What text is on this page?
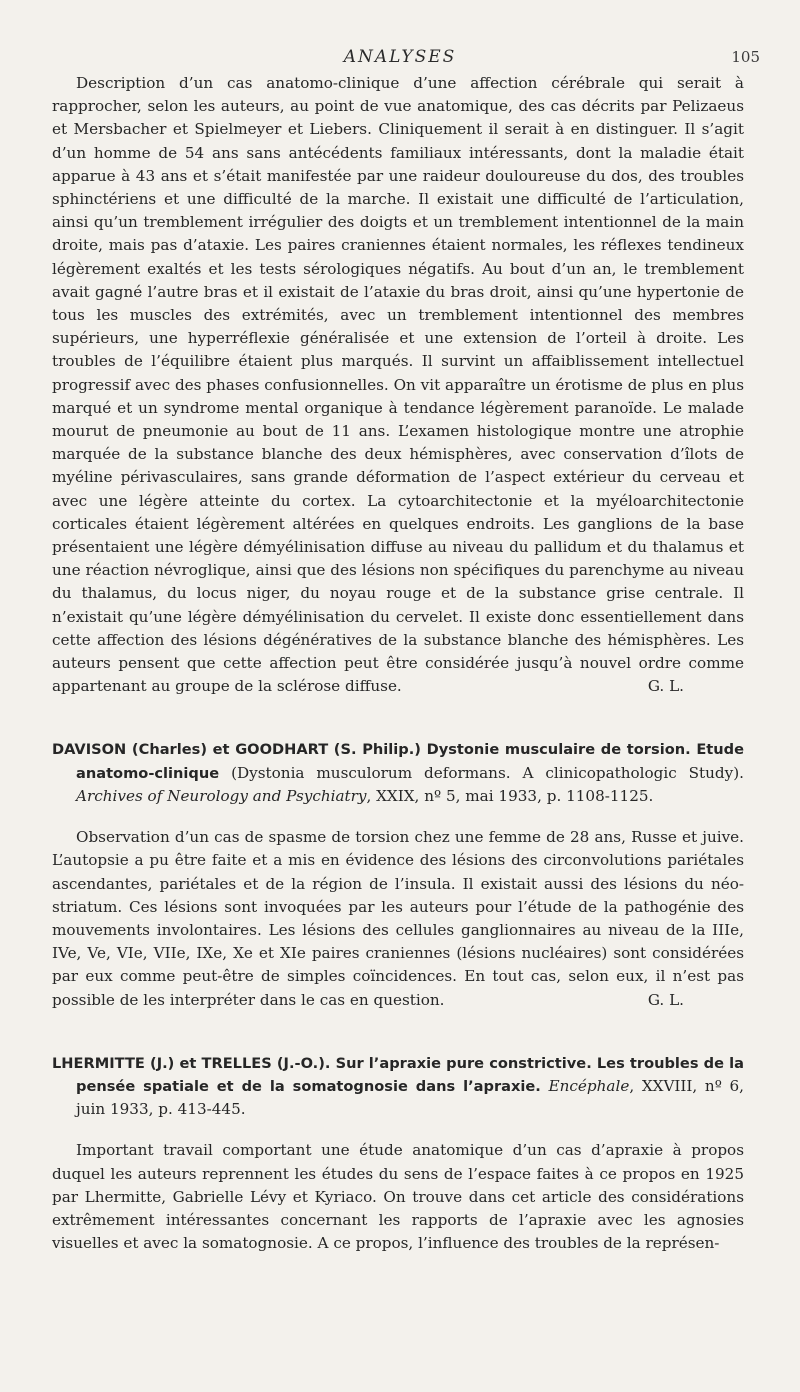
ANALYSES	105

Description d’un cas anatomo-clinique d’une affection cérébrale qui serait à rapprocher, selon les auteurs, au point de vue anatomique, des cas décrits par Pelizaeus et Mersbacher et Spielmeyer et Liebers. Cliniquement il serait à en distinguer. Il s’agit d’un homme de 54 ans sans antécédents familiaux intéressants, dont la maladie était apparue à 43 ans et s’était manifestée par une raideur douloureuse du dos, des troubles sphinctériens et une difficulté de la marche. Il existait une difficulté de l’articulation, ainsi qu’un tremblement irrégulier des doigts et un tremblement intentionnel de la main droite, mais pas d’ataxie. Les paires craniennes étaient normales, les réflexes tendineux légèrement exaltés et les tests sérologiques négatifs. Au bout d’un an, le tremblement avait gagné l’autre bras et il existait de l’ataxie du bras droit, ainsi qu’une hypertonie de tous les muscles des extrémités, avec un tremblement intentionnel des membres supérieurs, une hyperréflexie généralisée et une extension de l’orteil à droite. Les troubles de l’équilibre étaient plus marqués. Il survint un affaiblissement intellectuel progressif avec des phases confusionnelles. On vit apparaître un érotisme de plus en plus marqué et un syndrome mental organique à tendance légèrement paranoïde. Le malade mourut de pneumonie au bout de 11 ans. L’examen histologique montre une atrophie marquée de la substance blanche des deux hémisphères, avec conservation d’îlots de myéline périvasculaires, sans grande déformation de l’aspect extérieur du cerveau et avec une légère atteinte du cortex. La cytoarchitectonie et la myéloarchitectonie corticales étaient légèrement altérées en quelques endroits. Les ganglions de la base présentaient une légère démyélinisation diffuse au niveau du pallidum et du thalamus et une réaction névroglique, ainsi que des lésions non spécifiques du parenchyme au niveau du thalamus, du locus niger, du noyau rouge et de la substance grise centrale. Il n’existait qu’une légère démyélinisation du cervelet. Il existe donc essentiellement dans cette affection des lésions dégénératives de la substance blanche des hémisphères. Les auteurs pensent que cette affection peut être considérée jusqu’à nouvel ordre comme appartenant au groupe de la sclérose diffuse.	G. L.

DAVISON (Charles) et GOODHART (S. Philip.) Dystonie musculaire de torsion. Etude anatomo-clinique (Dystonia musculorum deformans. A clinicopathologic Study). Archives of Neurology and Psychiatry, XXIX, nº 5, mai 1933, p. 1108-1125.

Observation d’un cas de spasme de torsion chez une femme de 28 ans, Russe et juive. L’autopsie a pu être faite et a mis en évidence des lésions des circonvolutions pariétales ascendantes, pariétales et de la région de l’insula. Il existait aussi des lésions du néo-striatum. Ces lésions sont invoquées par les auteurs pour l’étude de la pathogénie des mouvements involontaires. Les lésions des cellules ganglionnaires au niveau de la IIIe, IVe, Ve, VIe, VIIe, IXe, Xe et XIe paires craniennes (lésions nucléaires) sont considérées par eux comme peut-être de simples coïncidences. En tout cas, selon eux, il n’est pas possible de les interpréter dans le cas en question.	G. L.

LHERMITTE (J.) et TRELLES (J.-O.). Sur l’apraxie pure constrictive. Les troubles de la pensée spatiale et de la somatognosie dans l’apraxie. Encéphale, XXVIII, nº 6, juin 1933, p. 413-445.

Important travail comportant une étude anatomique d’un cas d’apraxie à propos duquel les auteurs reprennent les études du sens de l’espace faites à ce propos en 1925 par Lhermitte, Gabrielle Lévy et Kyriaco. On trouve dans cet article des considérations extrêmement intéressantes concernant les rapports de l’apraxie avec les agnosies visuelles et avec la somatognosie. A ce propos, l’influence des troubles de la représen-
